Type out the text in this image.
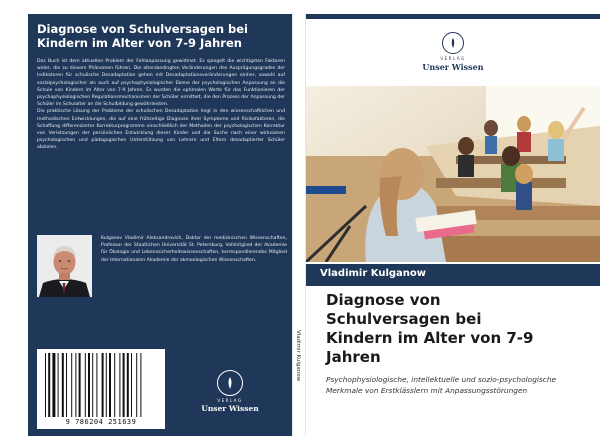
Diagnose von Schulversagen bei
Kindern im Alter von 7-9 Jahren

Das Buch ist dem aktuellen Problem der Fehlanpassung gewidmet. Es spiegelt die wichtigsten Faktoren wider, die zu diesem Phänomen führen. Die altersbedingten Veränderungen des Ausprägungsgrades der Indikatoren für schulische Desadaptation gehen mit Desadaptationsveränderungen einher, sowohl auf sozialpsychologischer als auch auf psychophysiologischer Ebene der psychologischen Anpassung an die Schule von Kindern im Alter von 7-9 Jahren. Es wurden die optimalen Werte für das Funktionieren der psychophysiologischen Regulationsmechanismen der Schüler ermittelt, die den Prozess der Anpassung der Schüler im Schulalter an die Schulbildung gewährleisten.

Die praktische Lösung der Probleme der schulischen Desadaptation liegt in den wissenschaftlichen und methodischen Entwicklungen, die auf eine frühzeitige Diagnose ihrer Symptome und Risikofaktoren, die Schaffung differenzierter Korrekturprogramme einschließlich der Methoden der psychologischen Korrektur von Verletzungen der persönlichen Entwicklung dieser Kinder und die Suche nach einer wirksamen psychologischen und pädagogischen Unterstützung von Lehrern und Eltern desadaptierter Schüler abzielen.

Kulganov Vladimir Aleksandrovich, Doktor der medizinischen Wissenschaften, Professor der Staatlichen Universität St. Petersburg, Vollmitglied der Akademie für Ökologie und Lebenssicherheitswissenschaften, korrespondierendes Mitglied der Internationalen Akademie der akmeologischen Wissenschaften.
9 786204 251639
VERLAG
Unser Wissen
Vladimir Kulganow
VERLAG
Unser Wissen
Vladimir Kulganow
Diagnose von
Schulversagen bei
Kindern im Alter von 7-9
Jahren
Psychophysiologische, intellektuelle und sozio-psychologische Merkmale von Erstklässlern mit Anpassungsstörungen
